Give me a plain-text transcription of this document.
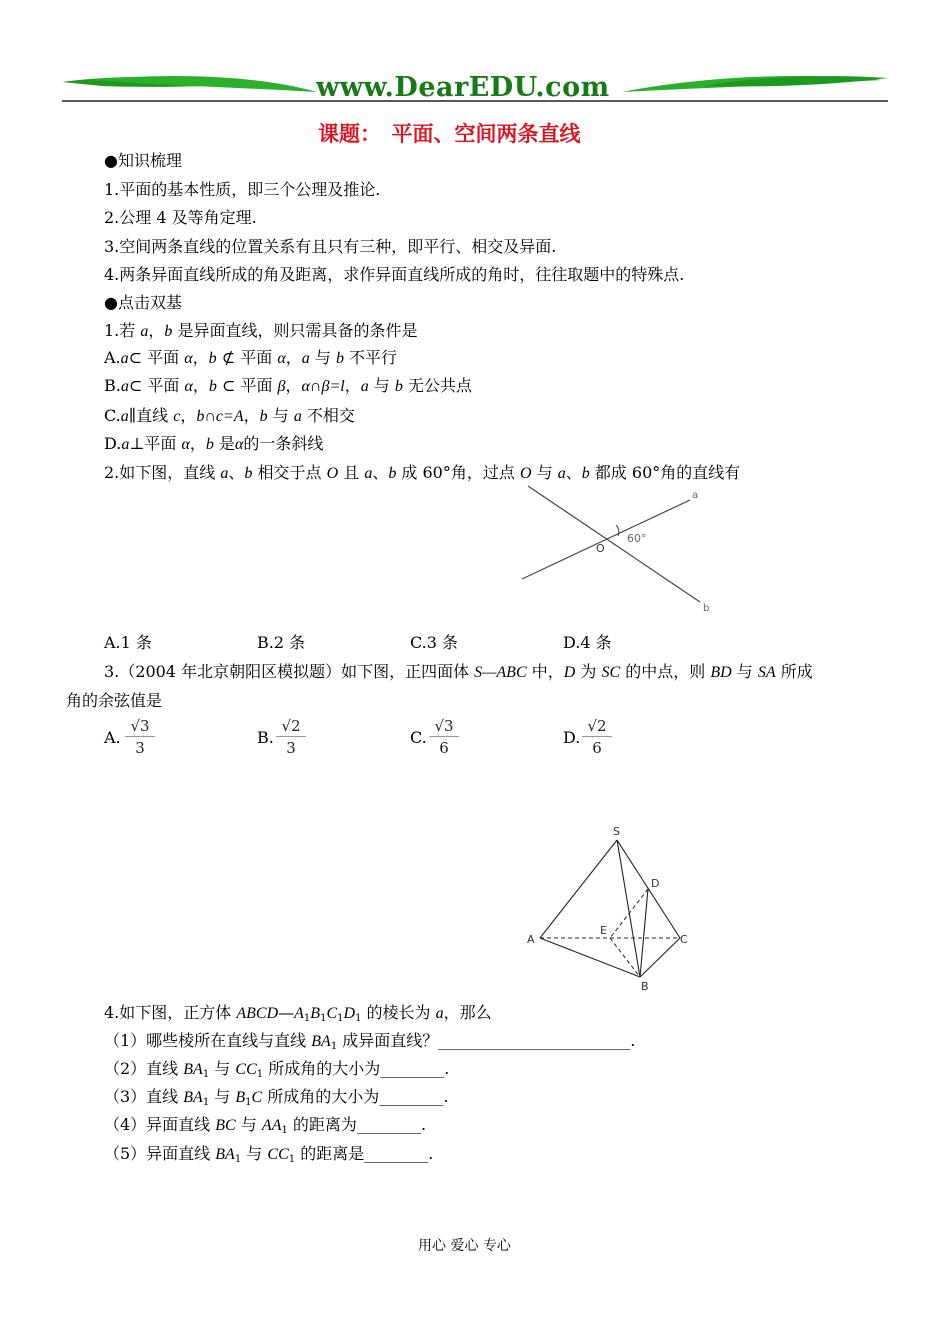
www.DearEDU.com
课题：　平面、空间两条直线
●知识梳理
1.平面的基本性质，即三个公理及推论.
2.公理 4 及等角定理.
3.空间两条直线的位置关系有且只有三种，即平行、相交及异面.
4.两条异面直线所成的角及距离，求作异面直线所成的角时，往往取题中的特殊点.
●点击双基
1.若 a，b 是异面直线，则只需具备的条件是
A.a⊂ 平面 α，b ⊄ 平面 α，a 与 b 不平行
B.a⊂ 平面 α，b ⊂ 平面 β，α∩β=l，a 与 b 无公共点
C.a∥直线 c，b∩c=A，b 与 a 不相交
D.a⊥平面 α，b 是α的一条斜线
2.如下图，直线 a、b 相交于点 O 且 a、b 成 60°角，过点 O 与 a、b 都成 60°角的直线有
a
b
O
60°
A.1 条	B.2 条	C.3 条	D.4 条
3.（2004 年北京朝阳区模拟题）如下图，正四面体 S—ABC 中，D 为 SC 的中点，则 BD 与 SA 所成
角的余弦值是
A. $\frac{√3}{3}$	B. $\frac{√2}{3}$	C. $\frac{√3}{6}$	D. $\frac{√2}{6}$
S
D
E
A	C
B
4.如下图，正方体 $ABCD—A_1B_1C_1D_1$ 的棱长为 a，那么
（1）哪些棱所在直线与直线 $BA_1$ 成异面直线？________________________.
（2）直线 $BA_1$ 与 $CC_1$ 所成角的大小为________.
（3）直线 $BA_1$ 与 $B_1C$ 所成角的大小为________.
（4）异面直线 BC 与 $AA_1$ 的距离为________.
（5）异面直线 $BA_1$ 与 $CC_1$ 的距离是________.
用心 爱心 专心
